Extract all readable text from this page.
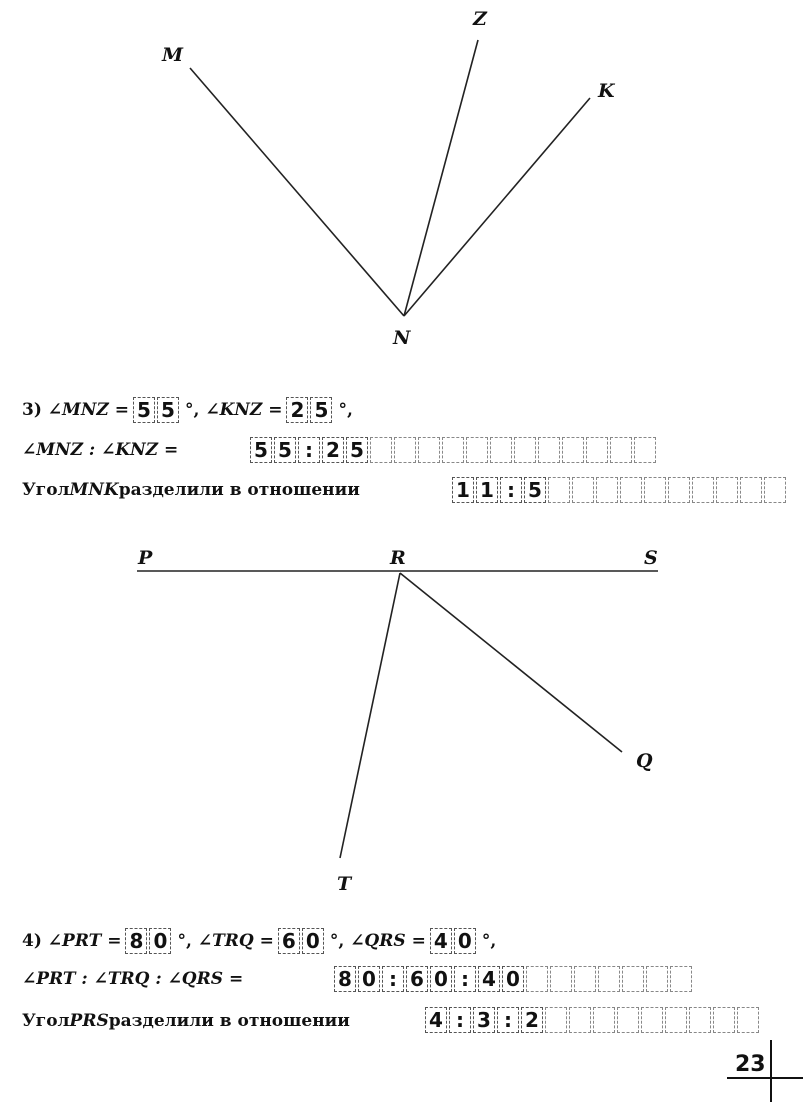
M
Z
K
N
P	R	S
Q
T
3)
∠MNZ
= 5 5 °,
∠KNZ
= 2 5 °,
∠MNZ : ∠KNZ =	5 5 : 2 5
Угол MNK разделили в отношении	1 1 : 5
4)
∠PRT
= 8 0 °,
∠TRQ
= 6 0 °,
∠QRS
= 4 0 °,
∠PRT : ∠TRQ : ∠QRS =	8 0 : 6 0 : 4 0
Угол PRS разделили в отношении	4 : 3 : 2
23
